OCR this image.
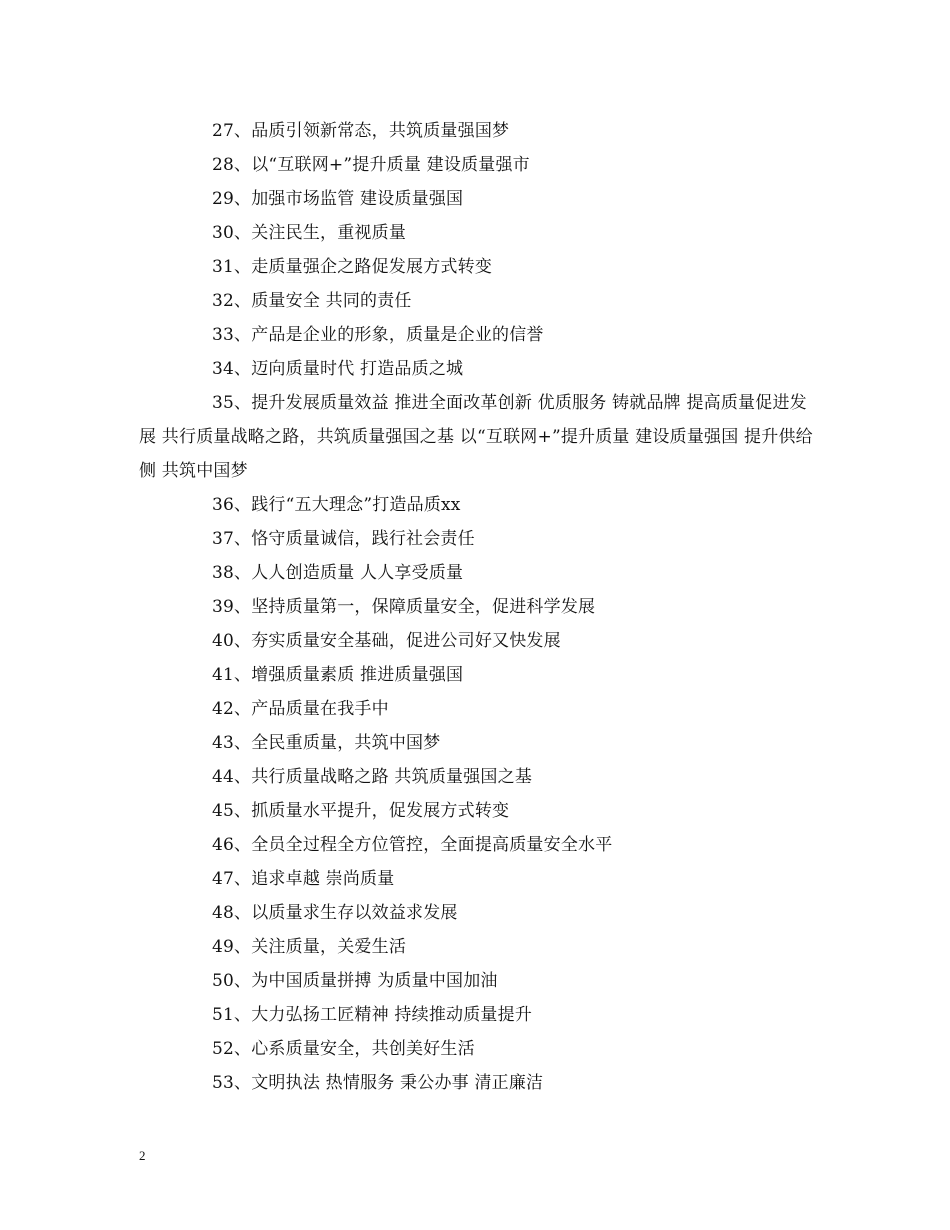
27、品质引领新常态，共筑质量强国梦

28、以“互联网+”提升质量 建设质量强市

29、加强市场监管 建设质量强国

30、关注民生，重视质量

31、走质量强企之路促发展方式转变

32、质量安全 共同的责任

33、产品是企业的形象，质量是企业的信誉

34、迈向质量时代 打造品质之城

35、提升发展质量效益 推进全面改革创新 优质服务 铸就品牌 提高质量促进发展 共行质量战略之路，共筑质量强国之基 以“互联网+”提升质量 建设质量强国 提升供给侧 共筑中国梦

36、践行“五大理念”打造品质xx

37、恪守质量诚信，践行社会责任

38、人人创造质量 人人享受质量

39、坚持质量第一，保障质量安全，促进科学发展

40、夯实质量安全基础，促进公司好又快发展

41、增强质量素质 推进质量强国

42、产品质量在我手中

43、全民重质量，共筑中国梦

44、共行质量战略之路 共筑质量强国之基

45、抓质量水平提升，促发展方式转变

46、全员全过程全方位管控，全面提高质量安全水平

47、追求卓越 崇尚质量

48、以质量求生存以效益求发展

49、关注质量，关爱生活

50、为中国质量拼搏 为质量中国加油

51、大力弘扬工匠精神 持续推动质量提升

52、心系质量安全，共创美好生活

53、文明执法 热情服务 秉公办事 清正廉洁

2
